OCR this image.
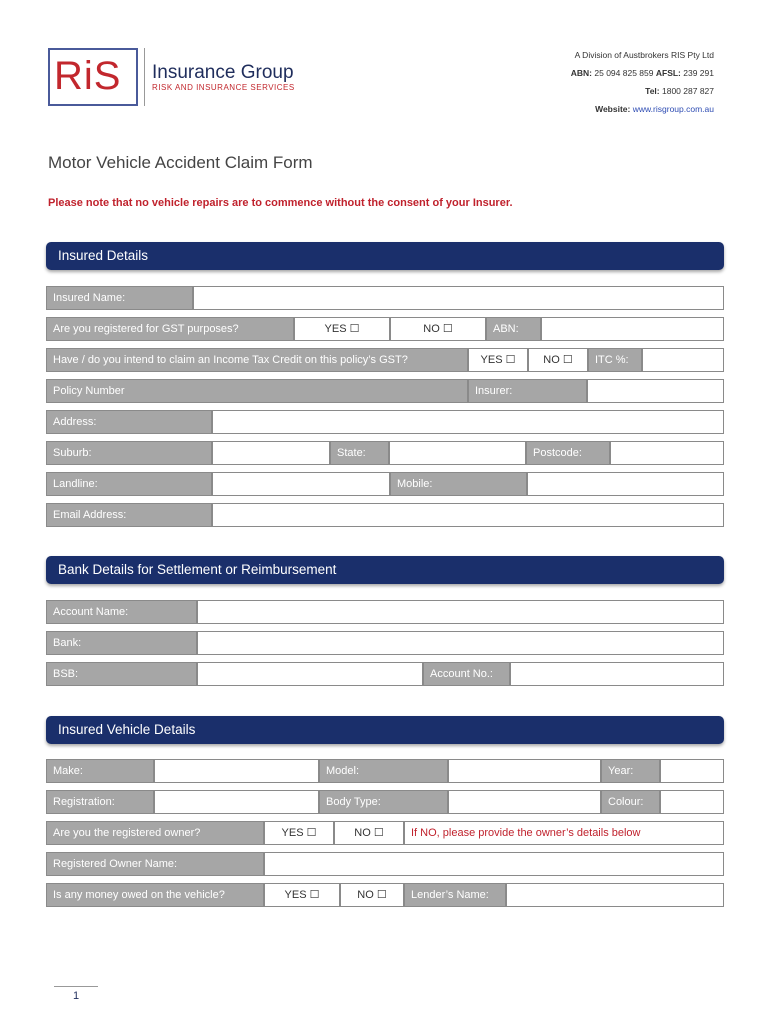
RiS Insurance Group
RISK AND INSURANCE SERVICES
A Division of Austbrokers RIS Pty Ltd
ABN: 25 094 825 859 AFSL: 239 291
Tel: 1800 287 827
Website: www.risgroup.com.au
Motor Vehicle Accident Claim Form
Please note that no vehicle repairs are to commence without the consent of your Insurer.
Insured Details
Insured Name:
Are you registered for GST purposes?	YES ☐	NO ☐	ABN:
Have / do you intend to claim an Income Tax Credit on this policy’s GST?	YES ☐	NO ☐	ITC %:
Policy Number	Insurer:
Address:
Suburb:	State:	Postcode:
Landline:	Mobile:
Email Address:
Bank Details for Settlement or Reimbursement
Account Name:
Bank:
BSB:	Account No.:
Insured Vehicle Details
Make:	Model:	Year:
Registration:	Body Type:	Colour:
Are you the registered owner?	YES ☐	NO ☐	If NO, please provide the owner’s details below
Registered Owner Name:
Is any money owed on the vehicle?	YES ☐	NO ☐	Lender’s Name:
1
